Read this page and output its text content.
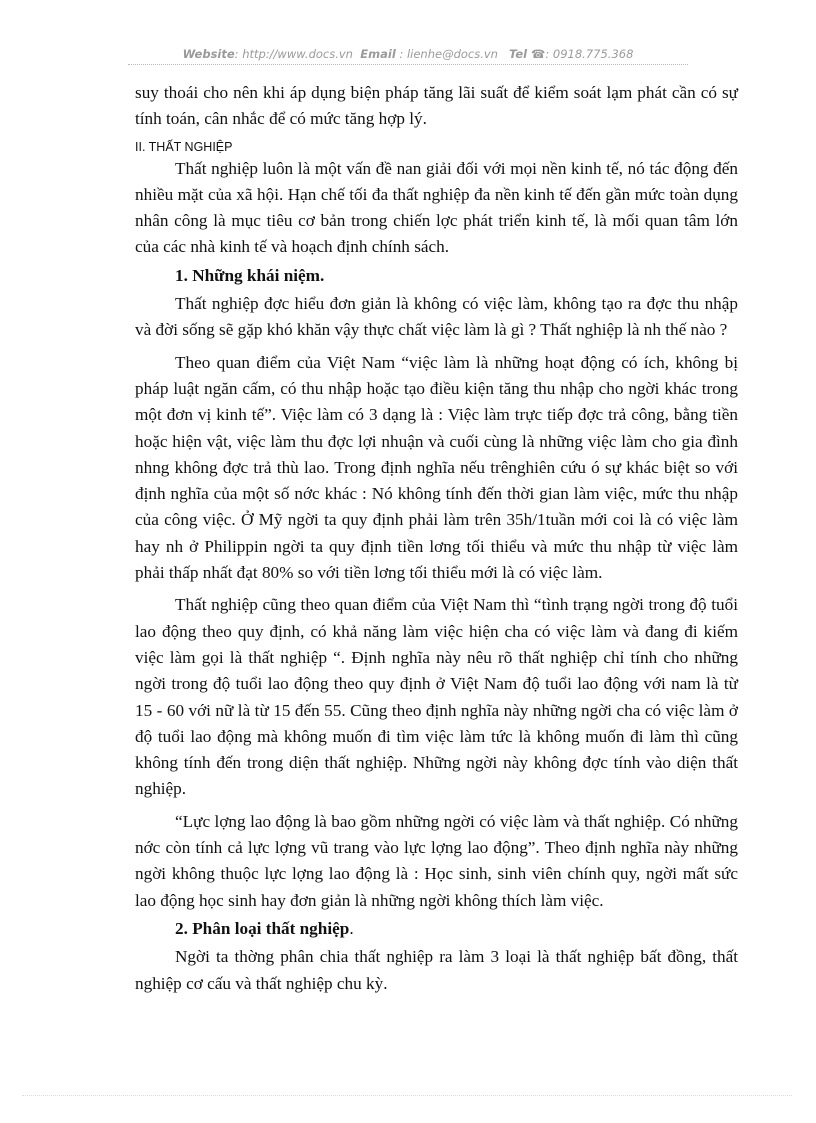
Website: http://www.docs.vn Email : lienhe@docs.vn Tel ☎: 0918.775.368

suy thoái cho nên khi áp dụng biện pháp tăng lãi suất để kiểm soát lạm phát cần có sự tính toán, cân nhắc để có mức tăng hợp lý.

II. THẤT NGHIỆP

Thất nghiệp luôn là một vấn đề nan giải đối với mọi nền kinh tế, nó tác động đến nhiều mặt của xã hội. Hạn chế tối đa thất nghiệp đa nền kinh tế đến gần mức toàn dụng nhân công là mục tiêu cơ bản trong chiến lợc phát triển kinh tế, là mối quan tâm lớn của các nhà kinh tế và hoạch định chính sách.

1. Những khái niệm.

Thất nghiệp đợc hiểu đơn giản là không có việc làm, không tạo ra đợc thu nhập và đời sống sẽ gặp khó khăn vậy thực chất việc làm là gì ? Thất nghiệp là nh thế nào ?

Theo quan điểm của Việt Nam “việc làm là những hoạt động có ích, không bị pháp luật ngăn cấm, có thu nhập hoặc tạo điều kiện tăng thu nhập cho ngời khác trong một đơn vị kinh tế”. Việc làm có 3 dạng là : Việc làm trực tiếp đợc trả công, bằng tiền hoặc hiện vật, việc làm thu đợc lợi nhuận và cuối cùng là những việc làm cho gia đình nhng không đợc trả thù lao. Trong định nghĩa nếu trênghiên cứu ó sự khác biệt so với định nghĩa của một số nớc khác : Nó không tính đến thời gian làm việc, mức thu nhập của công việc. Ở Mỹ ngời ta quy định phải làm trên 35h/1tuần mới coi là có việc làm hay nh ở Philippin ngời ta quy định tiền lơng tối thiểu và mức thu nhập từ việc làm phải thấp nhất đạt 80% so với tiền lơng tối thiểu mới là có việc làm.

Thất nghiệp cũng theo quan điểm của Việt Nam thì “tình trạng ngời trong độ tuổi lao động theo quy định, có khả năng làm việc hiện cha có việc làm và đang đi kiếm việc làm gọi là thất nghiệp “. Định nghĩa này nêu rõ thất nghiệp chỉ tính cho những ngời trong độ tuổi lao động theo quy định ở Việt Nam độ tuổi lao động với nam là từ 15 - 60 với nữ là từ 15 đến 55. Cũng theo định nghĩa này những ngời cha có việc làm ở độ tuổi lao động mà không muốn đi tìm việc làm tức là không muốn đi làm thì cũng không tính đến trong diện thất nghiệp. Những ngời này không đợc tính vào diện thất nghiệp.

“Lực lợng lao động là bao gồm những ngời có việc làm và thất nghiệp. Có những nớc còn tính cả lực lợng vũ trang vào lực lợng lao động”. Theo định nghĩa này những ngời không thuộc lực lợng lao động là : Học sinh, sinh viên chính quy, ngời mất sức lao động học sinh hay đơn giản là những ngời không thích làm việc.

2. Phân loại thất nghiệp.

Ngời ta thờng phân chia thất nghiệp ra làm 3 loại là thất nghiệp bất đồng, thất nghiệp cơ cấu và thất nghiệp chu kỳ.
